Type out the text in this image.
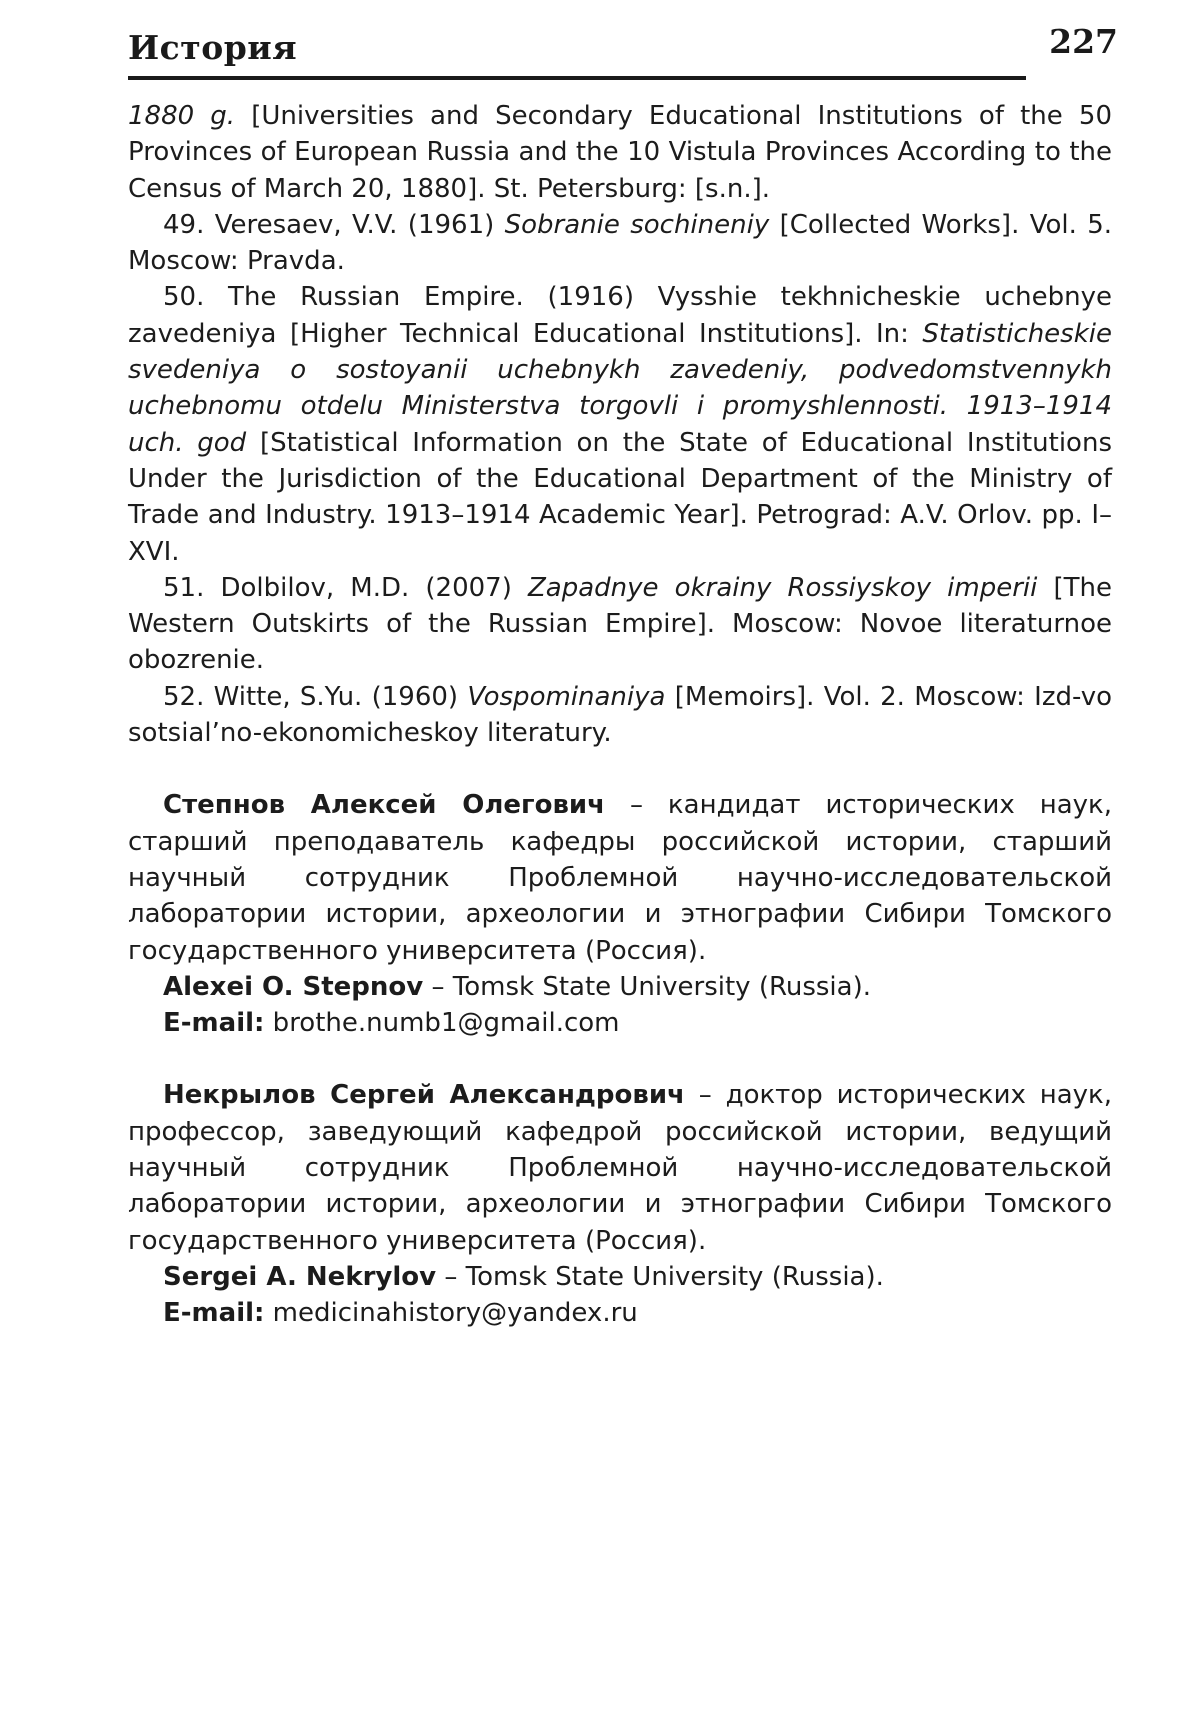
История	227

1880 g. [Universities and Secondary Educational Institutions of the 50 Provinces of European Russia and the 10 Vistula Provinces According to the Census of March 20, 1880]. St. Petersburg: [s.n.].

49. Veresaev, V.V. (1961) Sobranie sochineniy [Collected Works]. Vol. 5. Moscow: Pravda.

50. The Russian Empire. (1916) Vysshie tekhnicheskie uchebnye zavedeniya [Higher Technical Educational Institutions]. In: Statisticheskie svedeniya o sostoyanii uchebnykh zavedeniy, podvedomstvennykh uchebnomu otdelu Ministerstva torgovli i promyshlennosti. 1913–1914 uch. god [Statistical Information on the State of Educational Institutions Under the Jurisdiction of the Educational Department of the Ministry of Trade and Industry. 1913–1914 Academic Year]. Petrograd: A.V. Orlov. pp. I–XVI.

51. Dolbilov, M.D. (2007) Zapadnye okrainy Rossiyskoy imperii [The Western Outskirts of the Russian Empire]. Moscow: Novoe literaturnoe obozrenie.

52. Witte, S.Yu. (1960) Vospominaniya [Memoirs]. Vol. 2. Moscow: Izd-vo sotsial’no-ekonomicheskoy literatury.

Степнов Алексей Олегович – кандидат исторических наук, старший преподаватель кафедры российской истории, старший научный сотрудник Проблемной научно-исследовательской лаборатории истории, археологии и этнографии Сибири Томского государственного университета (Россия).

Alexei O. Stepnov – Tomsk State University (Russia).

E-mail: brothe.numb1@gmail.com

Некрылов Сергей Александрович – доктор исторических наук, профессор, заведующий кафедрой российской истории, ведущий научный сотрудник Проблемной научно-исследовательской лаборатории истории, археологии и этнографии Сибири Томского государственного университета (Россия).

Sergei A. Nekrylov – Tomsk State University (Russia).

E-mail: medicinahistory@yandex.ru
